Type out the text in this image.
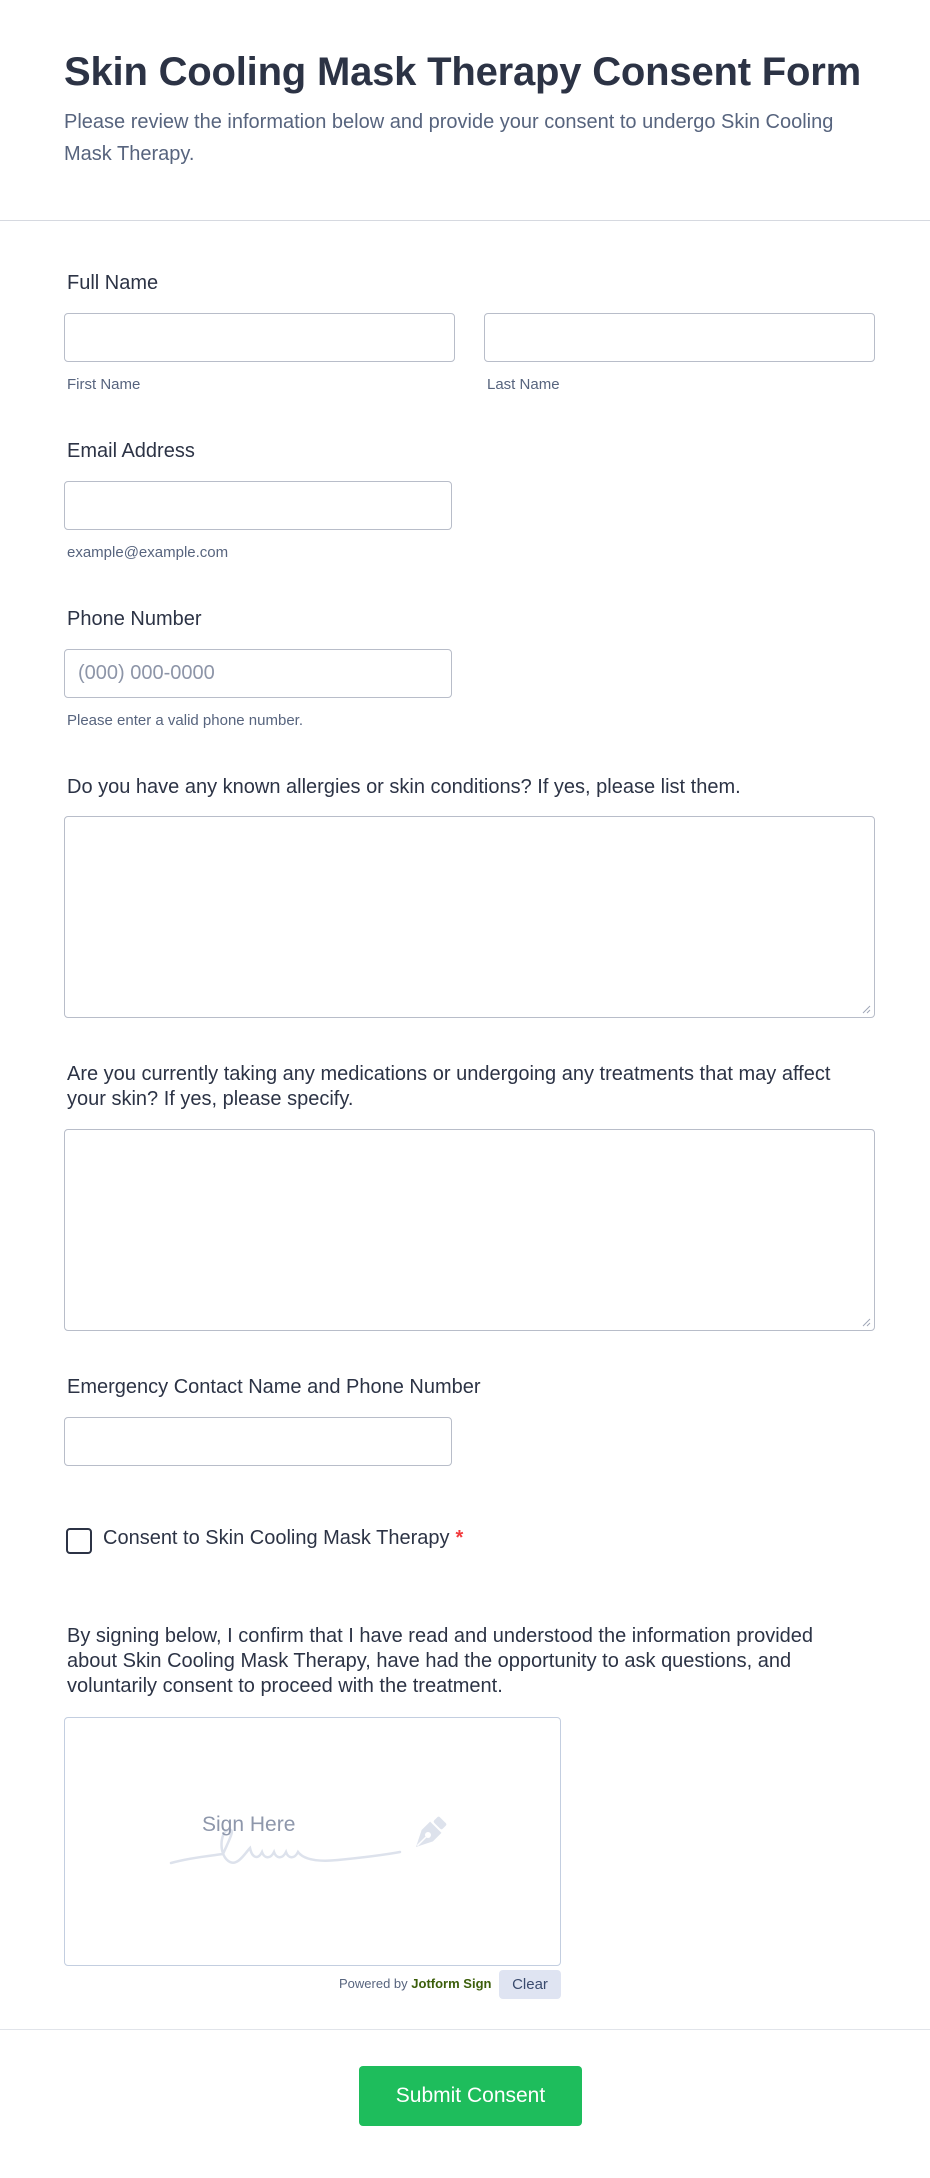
Skin Cooling Mask Therapy Consent Form

Please review the information below and provide your consent to undergo Skin Cooling Mask Therapy.

Full Name
First Name	Last Name
Email Address
example@example.com
Phone Number
(000) 000-0000
Please enter a valid phone number.
Do you have any known allergies or skin conditions? If yes, please list them.
Are you currently taking any medications or undergoing any treatments that may affect your skin? If yes, please specify.
Emergency Contact Name and Phone Number
Consent to Skin Cooling Mask Therapy *

By signing below, I confirm that I have read and understood the information provided about Skin Cooling Mask Therapy, have had the opportunity to ask questions, and voluntarily consent to proceed with the treatment.

Sign Here
Powered by Jotform Sign	Clear
Submit Consent
